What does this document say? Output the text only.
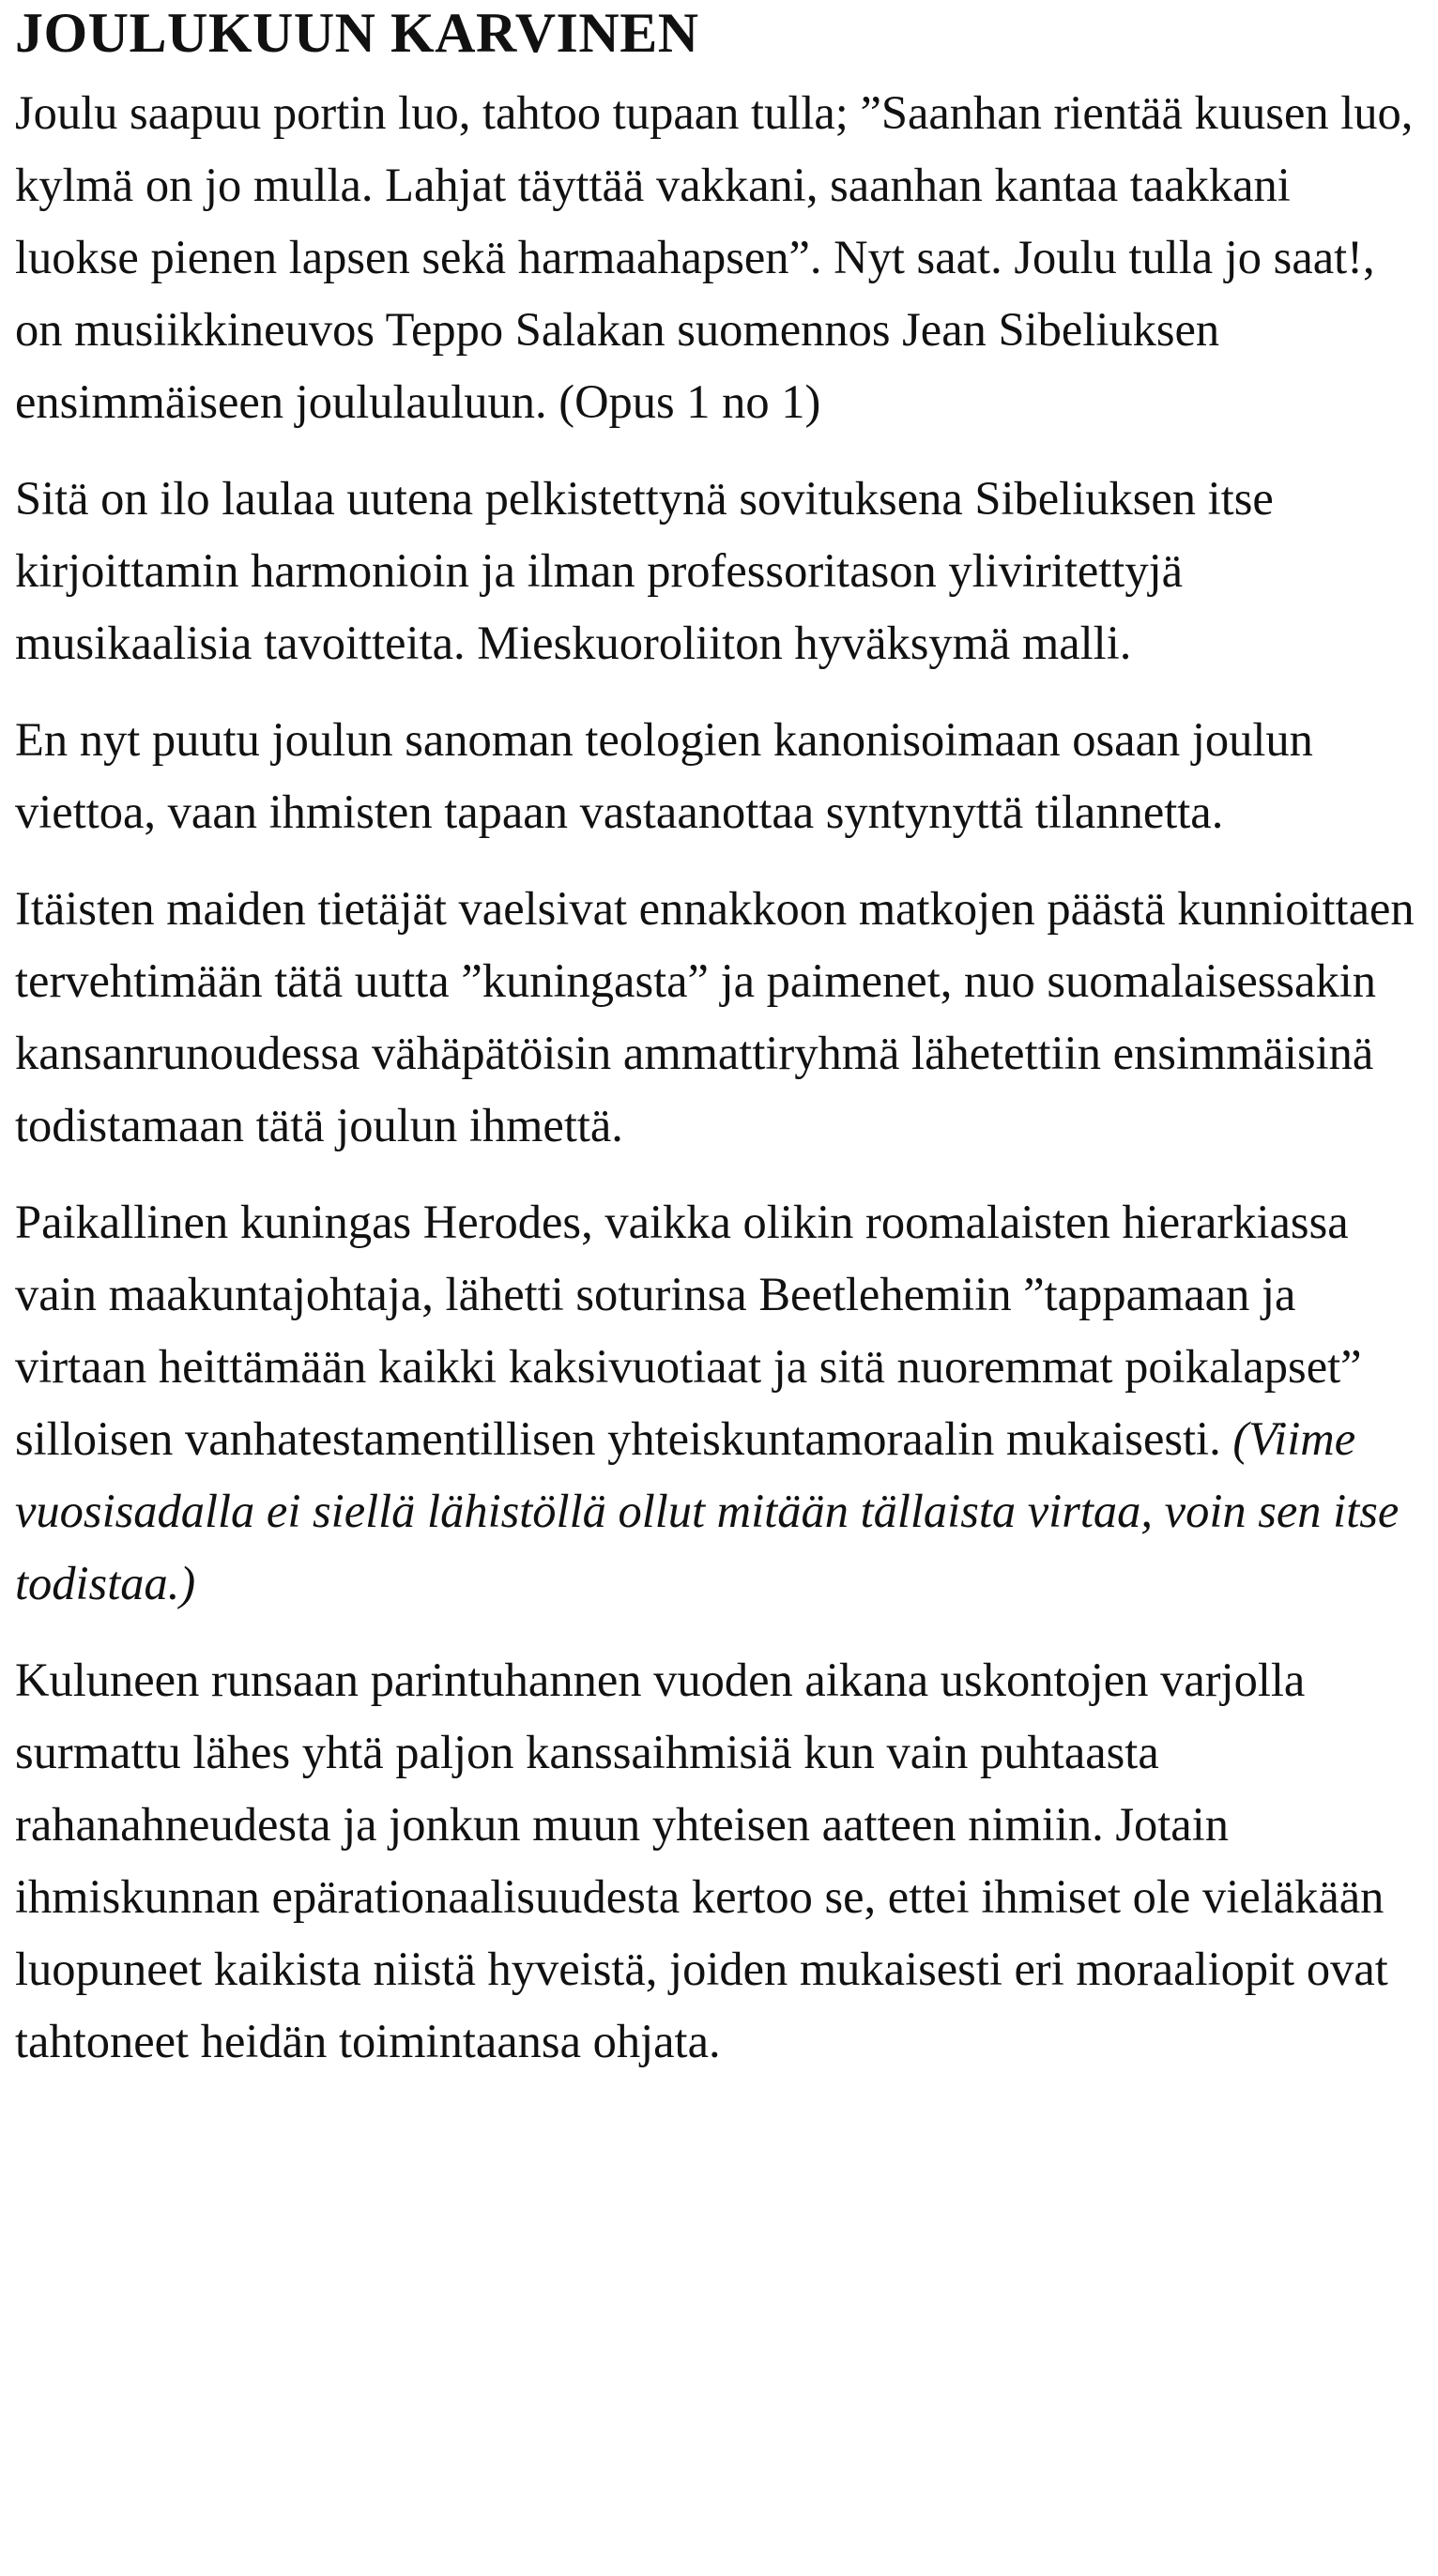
JOULUKUUN KARVINEN

Joulu saapuu portin luo, tahtoo tupaan tulla; ”Saanhan rientää kuusen luo, kylmä on jo mulla. Lahjat täyttää vakkani, saanhan kantaa taakkani luokse pienen lapsen sekä harmaahapsen”. Nyt saat. Joulu tulla jo saat!, on musiikkineuvos Teppo Salakan suomennos Jean Sibeliuksen ensimmäiseen joululauluun. (Opus 1 no 1)

Sitä on ilo laulaa uutena pelkistettynä sovituksena Sibeliuksen itse kirjoittamin harmonioin ja ilman professoritason yliviritettyjä musikaalisia tavoitteita. Mieskuoroliiton hyväksymä malli.

En nyt puutu joulun sanoman teologien kanonisoimaan osaan joulun viettoa, vaan ihmisten tapaan vastaanottaa syntynyttä tilannetta.

Itäisten maiden tietäjät vaelsivat ennakkoon matkojen päästä kunnioittaen tervehtimään tätä uutta ”kuningasta” ja paimenet, nuo suomalaisessakin kansanrunoudessa vähäpätöisin ammattiryhmä lähetettiin ensimmäisinä todistamaan tätä joulun ihmettä.

Paikallinen kuningas Herodes, vaikka olikin roomalaisten hierarkiassa vain maakuntajohtaja, lähetti soturinsa Beetlehemiin ”tappamaan ja virtaan heittämään kaikki kaksivuotiaat ja sitä nuoremmat poikalapset” silloisen vanhatestamentillisen yhteiskuntamoraalin mukaisesti. (Viime vuosisadalla ei siellä lähistöllä ollut mitään tällaista virtaa, voin sen itse todistaa.)

Kuluneen runsaan parintuhannen vuoden aikana uskontojen varjolla surmattu lähes yhtä paljon kanssaihmisiä kun vain puhtaasta rahanahneudesta ja jonkun muun yhteisen aatteen nimiin. Jotain ihmiskunnan epärationaalisuudesta kertoo se, ettei ihmiset ole vieläkään luopuneet kaikista niistä hyveistä, joiden mukaisesti eri moraaliopit ovat tahtoneet heidän toimintaansa ohjata.
